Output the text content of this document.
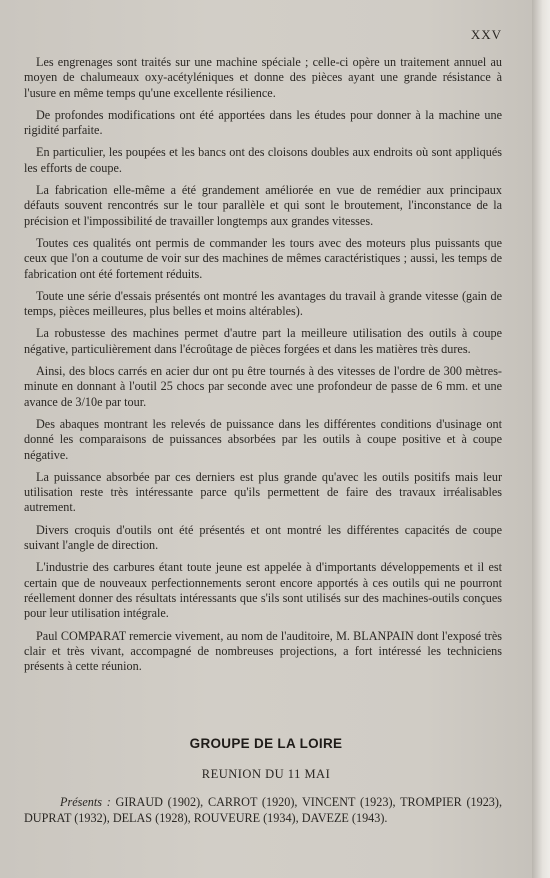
XXV

Les engrenages sont traités sur une machine spéciale ; celle-ci opère un traitement annuel au moyen de chalumeaux oxy-acétyléniques et donne des pièces ayant une grande résistance à l'usure en même temps qu'une excellente résilience.

De profondes modifications ont été apportées dans les études pour donner à la machine une rigidité parfaite.

En particulier, les poupées et les bancs ont des cloisons doubles aux endroits où sont appliqués les efforts de coupe.

La fabrication elle-même a été grandement améliorée en vue de remédier aux principaux défauts souvent rencontrés sur le tour parallèle et qui sont le broutement, l'inconstance de la précision et l'impossibilité de travailler longtemps aux grandes vitesses.

Toutes ces qualités ont permis de commander les tours avec des moteurs plus puissants que ceux que l'on a coutume de voir sur des machines de mêmes caractéristiques ; aussi, les temps de fabrication ont été fortement réduits.

Toute une série d'essais présentés ont montré les avantages du travail à grande vitesse (gain de temps, pièces meilleures, plus belles et moins altérables).

La robustesse des machines permet d'autre part la meilleure utilisation des outils à coupe négative, particulièrement dans l'écroûtage de pièces forgées et dans les matières très dures.

Ainsi, des blocs carrés en acier dur ont pu être tournés à des vitesses de l'ordre de 300 mètres-minute en donnant à l'outil 25 chocs par seconde avec une profondeur de passe de 6 mm. et une avance de 3/10e par tour.

Des abaques montrant les relevés de puissance dans les différentes conditions d'usinage ont donné les comparaisons de puissances absorbées par les outils à coupe positive et à coupe négative.

La puissance absorbée par ces derniers est plus grande qu'avec les outils positifs mais leur utilisation reste très intéressante parce qu'ils permettent de faire des travaux irréalisables autrement.

Divers croquis d'outils ont été présentés et ont montré les différentes capacités de coupe suivant l'angle de direction.

L'industrie des carbures étant toute jeune est appelée à d'importants développements et il est certain que de nouveaux perfectionnements seront encore apportés à ces outils qui ne pourront réellement donner des résultats intéressants que s'ils sont utilisés sur des machines-outils conçues pour leur utilisation intégrale.

Paul COMPARAT remercie vivement, au nom de l'auditoire, M. BLANPAIN dont l'exposé très clair et très vivant, accompagné de nombreuses projections, a fort intéressé les techniciens présents à cette réunion.

GROUPE DE LA LOIRE
REUNION DU 11 MAI
Présents : GIRAUD (1902), CARROT (1920), VINCENT (1923), TROMPIER (1923), DUPRAT (1932), DELAS (1928), ROUVEURE (1934), DAVEZE (1943).
